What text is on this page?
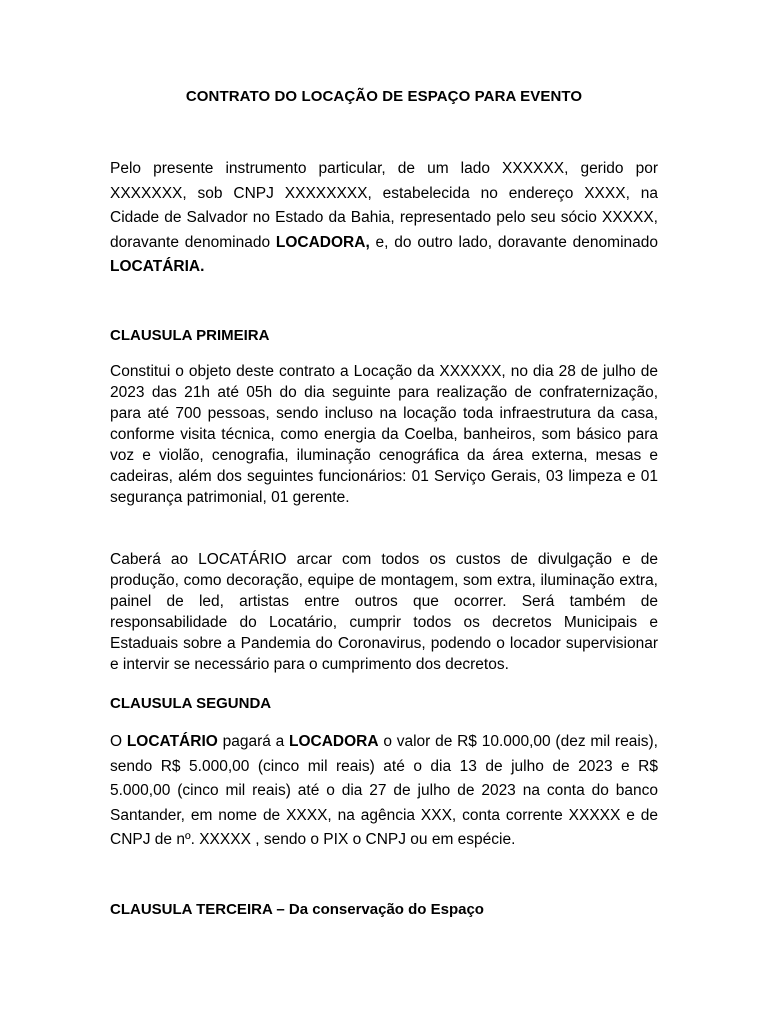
CONTRATO DO LOCAÇÃO DE ESPAÇO PARA EVENTO

Pelo presente instrumento particular, de um lado XXXXXX, gerido por XXXXXXX, sob CNPJ XXXXXXXX, estabelecida no endereço XXXX, na Cidade de Salvador no Estado da Bahia, representado pelo seu sócio XXXXX, doravante denominado LOCADORA, e, do outro lado, doravante denominado LOCATÁRIA.

CLAUSULA PRIMEIRA

Constitui o objeto deste contrato a Locação da XXXXXX, no dia 28 de julho de 2023 das 21h até 05h do dia seguinte para realização de confraternização, para até 700 pessoas, sendo incluso na locação toda infraestrutura da casa, conforme visita técnica, como energia da Coelba, banheiros, som básico para voz e violão, cenografia, iluminação cenográfica da área externa, mesas e cadeiras, além dos seguintes funcionários: 01 Serviço Gerais, 03 limpeza e 01 segurança patrimonial, 01 gerente.

Caberá ao LOCATÁRIO arcar com todos os custos de divulgação e de produção, como decoração, equipe de montagem, som extra, iluminação extra, painel de led, artistas entre outros que ocorrer. Será também de responsabilidade do Locatário, cumprir todos os decretos Municipais e Estaduais sobre a Pandemia do Coronavirus, podendo o locador supervisionar e intervir se necessário para o cumprimento dos decretos.

CLAUSULA SEGUNDA

O LOCATÁRIO pagará a LOCADORA o valor de R$ 10.000,00 (dez mil reais), sendo R$ 5.000,00 (cinco mil reais) até o dia 13 de julho de 2023 e R$ 5.000,00 (cinco mil reais) até o dia 27 de julho de 2023 na conta do banco Santander, em nome de XXXX, na agência XXX, conta corrente XXXXX e de CNPJ de nº. XXXXX , sendo o PIX o CNPJ ou em espécie.

CLAUSULA TERCEIRA – Da conservação do Espaço
